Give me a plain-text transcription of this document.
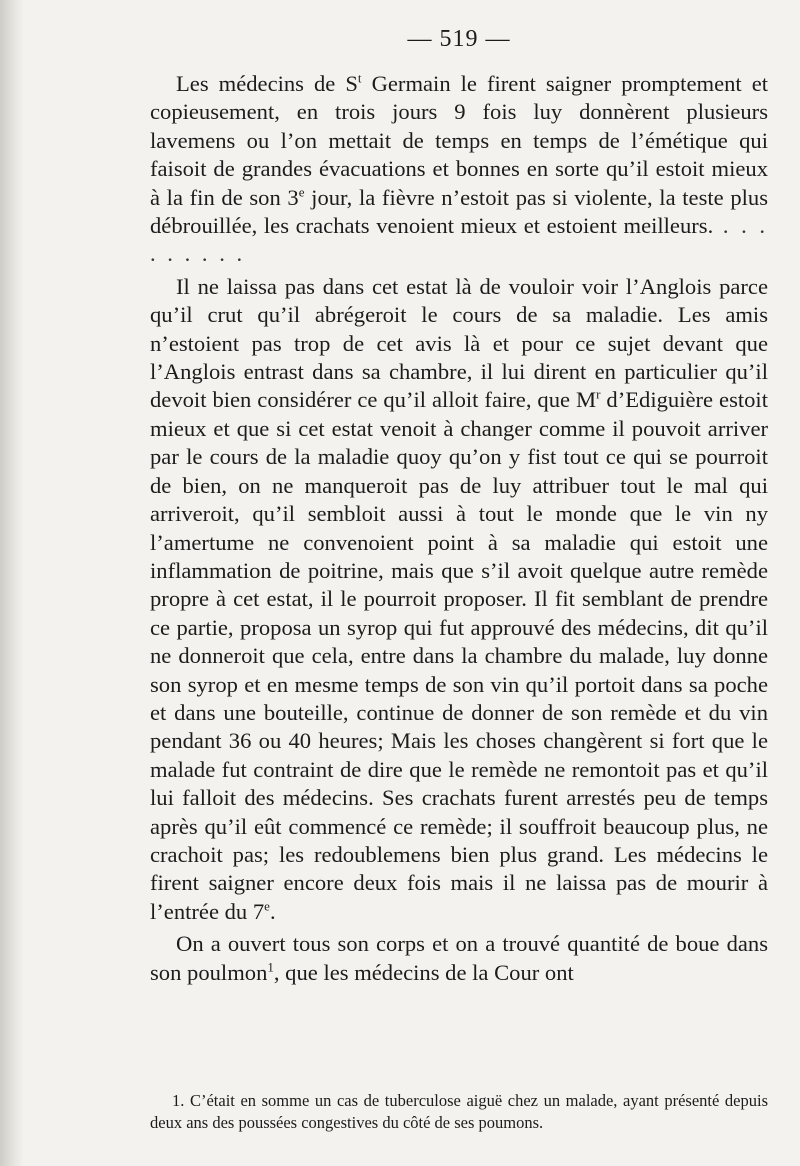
— 519 —

Les médecins de $S^t$ Germain le firent saigner promptement et copieusement, en trois jours 9 fois luy donnèrent plusieurs lavemens ou l’on mettait de temps en temps de l’émétique qui faisoit de grandes évacuations et bonnes en sorte qu’il estoit mieux à la fin de son 3e jour, la fièvre n’estoit pas si violente, la teste plus débrouillée, les crachats venoient mieux et estoient meilleurs. . . . . . . . . .

Il ne laissa pas dans cet estat là de vouloir voir l’Anglois parce qu’il crut qu’il abrégeroit le cours de sa maladie. Les amis n’estoient pas trop de cet avis là et pour ce sujet devant que l’Anglois entrast dans sa chambre, il lui dirent en particulier qu’il devoit bien considérer ce qu’il alloit faire, que $M^r$ d’Ediguière estoit mieux et que si cet estat venoit à changer comme il pouvoit arriver par le cours de la maladie quoy qu’on y fist tout ce qui se pourroit de bien, on ne manqueroit pas de luy attribuer tout le mal qui arriveroit, qu’il sembloit aussi à tout le monde que le vin ny l’amertume ne convenoient point à sa maladie qui estoit une inflammation de poitrine, mais que s’il avoit quelque autre remède propre à cet estat, il le pourroit proposer. Il fit semblant de prendre ce partie, proposa un syrop qui fut approuvé des médecins, dit qu’il ne donneroit que cela, entre dans la chambre du malade, luy donne son syrop et en mesme temps de son vin qu’il portoit dans sa poche et dans une bouteille, continue de donner de son remède et du vin pendant 36 ou 40 heures; Mais les choses changèrent si fort que le malade fut contraint de dire que le remède ne remontoit pas et qu’il lui falloit des médecins. Ses crachats furent arrestés peu de temps après qu’il eût commencé ce remède; il souffroit beaucoup plus, ne crachoit pas; les redoublemens bien plus grand. Les médecins le firent saigner encore deux fois mais il ne laissa pas de mourir à l’entrée du 7e.

On a ouvert tous son corps et on a trouvé quantité de boue dans son poulmon$^1$, que les médecins de la Cour ont

1. C’était en somme un cas de tuberculose aiguë chez un malade, ayant présenté depuis deux ans des poussées congestives du côté de ses poumons.
